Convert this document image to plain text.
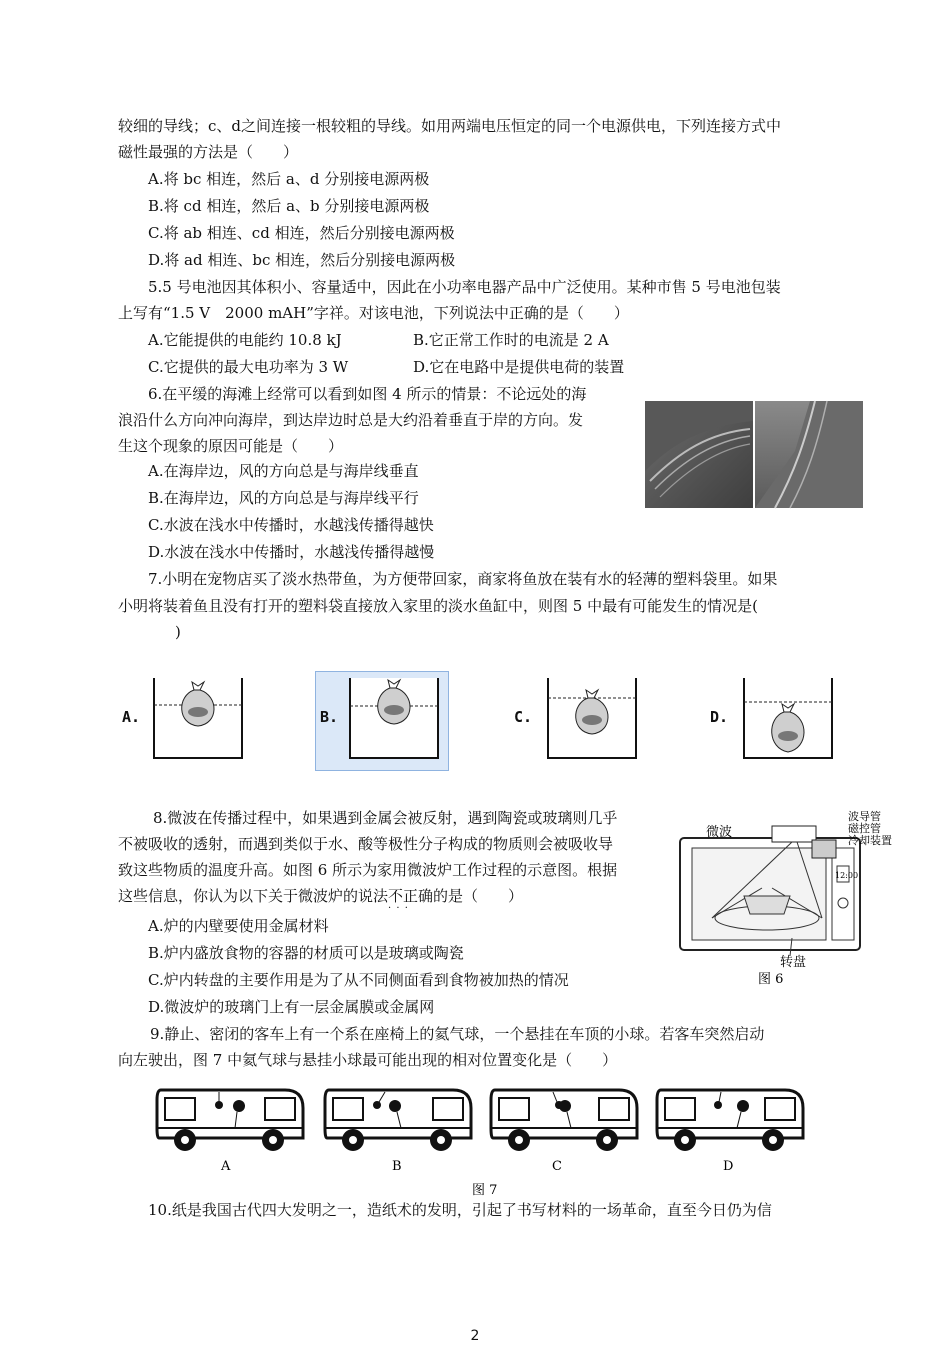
较细的导线；c、d之间连接一根较粗的导线。如用两端电压恒定的同一个电源供电，下列连接方式中
磁性最强的方法是（　　）
A.将 bc 相连，然后 a、d 分别接电源两极
B.将 cd 相连，然后 a、b 分别接电源两极
C.将 ab 相连、cd 相连，然后分别接电源两极
D.将 ad 相连、bc 相连，然后分别接电源两极
5.5 号电池因其体积小、容量适中，因此在小功率电器产品中广泛使用。某种市售 5 号电池包装
上写有“1.5 V　2000 mAH”字祥。对该电池，下列说法中正确的是（　　）
A.它能提供的电能约 10.8 kJ	B.它正常工作时的电流是 2 A
C.它提供的最大电功率为 3 W	D.它在电路中是提供电荷的装置
6.在平缓的海滩上经常可以看到如图 4 所示的情景：不论远处的海
浪沿什么方向冲向海岸，到达岸边时总是大约沿着垂直于岸的方向。发
生这个现象的原因可能是（　　）
A.在海岸边，风的方向总是与海岸线垂直
B.在海岸边，风的方向总是与海岸线平行
C.水波在浅水中传播时，水越浅传播得越快
D.水波在浅水中传播时，水越浅传播得越慢
7.小明在宠物店买了淡水热带鱼，为方便带回家，商家将鱼放在装有水的轻薄的塑料袋里。如果
小明将装着鱼且没有打开的塑料袋直接放入家里的淡水鱼缸中，则图 5 中最有可能发生的情况是(
)
8.微波在传播过程中，如果遇到金属会被反射，遇到陶瓷或玻璃则几乎
不被吸收的透射，而遇到类似于水、酸等极性分子构成的物质则会被吸收导
致这些物质的温度升高。如图 6 所示为家用微波炉工作过程的示意图。根据
这些信息，你认为以下关于微波炉的说法不正确 · · ·的是（　　）
A.炉的内壁要使用金属材料
B.炉内盛放食物的容器的材质可以是玻璃或陶瓷
C.炉内转盘的主要作用是为了从不同侧面看到食物被加热的情况
D.微波炉的玻璃门上有一层金属膜或金属网
9.静止、密闭的客车上有一个系在座椅上的氦气球，一个悬挂在车顶的小球。若客车突然启动
向左驶出，图 7 中氦气球与悬挂小球最可能出现的相对位置变化是（　　）
10.纸是我国古代四大发明之一，造纸术的发明，引起了书写材料的一场革命，直至今日仍为信
A.	B.	C.	D.
转盘
微波
波导管
磁控管
冷却装置
12:00
图 6
A	B	C	D
图 7
2
